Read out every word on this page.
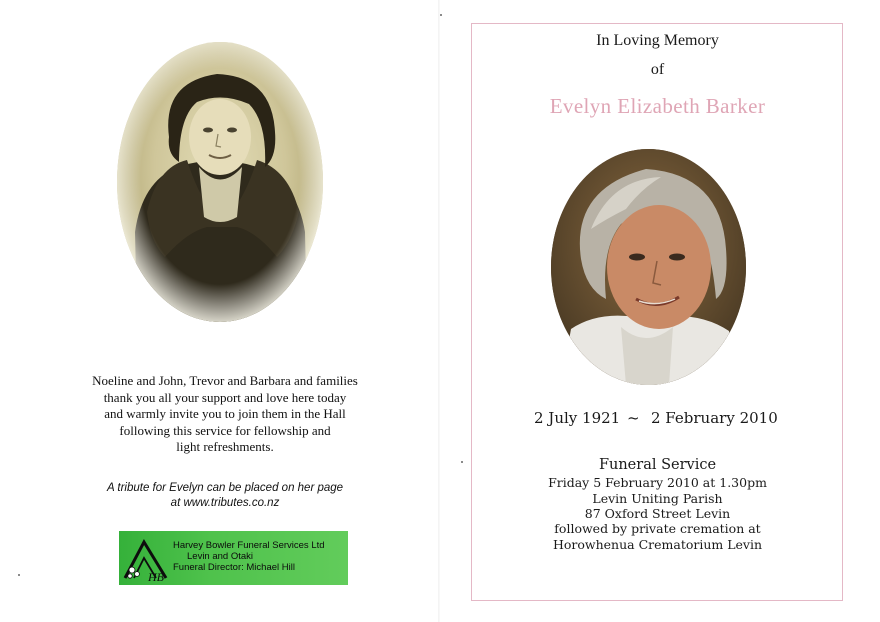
Noeline and John, Trevor and Barbara and families
thank you all your support and love here today
and warmly invite you to join them in the Hall
following this service for fellowship and
light refreshments.
A tribute for Evelyn can be placed on her page
at www.tributes.co.nz
HB
Harvey Bowler Funeral Services Ltd
Levin and Otaki
Funeral Director: Michael Hill
In Loving Memory
of
Evelyn Elizabeth Barker
2 July 1921 ~ 2 February 2010
Funeral Service
Friday 5 February 2010 at 1.30pm
Levin Uniting Parish
87 Oxford Street Levin
followed by private cremation at
Horowhenua Crematorium Levin
